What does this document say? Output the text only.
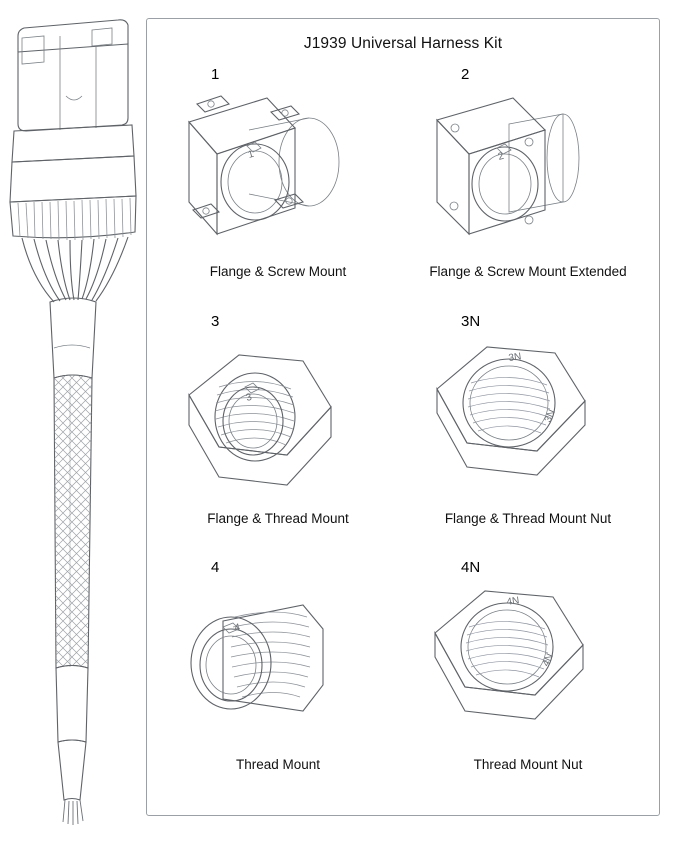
J1939 Universal Harness Kit
1
1
Flange & Screw Mount
2
2
Flange & Screw Mount Extended
3
3
Flange & Thread Mount
3N
3N
3N
Flange & Thread Mount Nut
4
4
Thread Mount
4N
4N
4N
Thread Mount Nut
